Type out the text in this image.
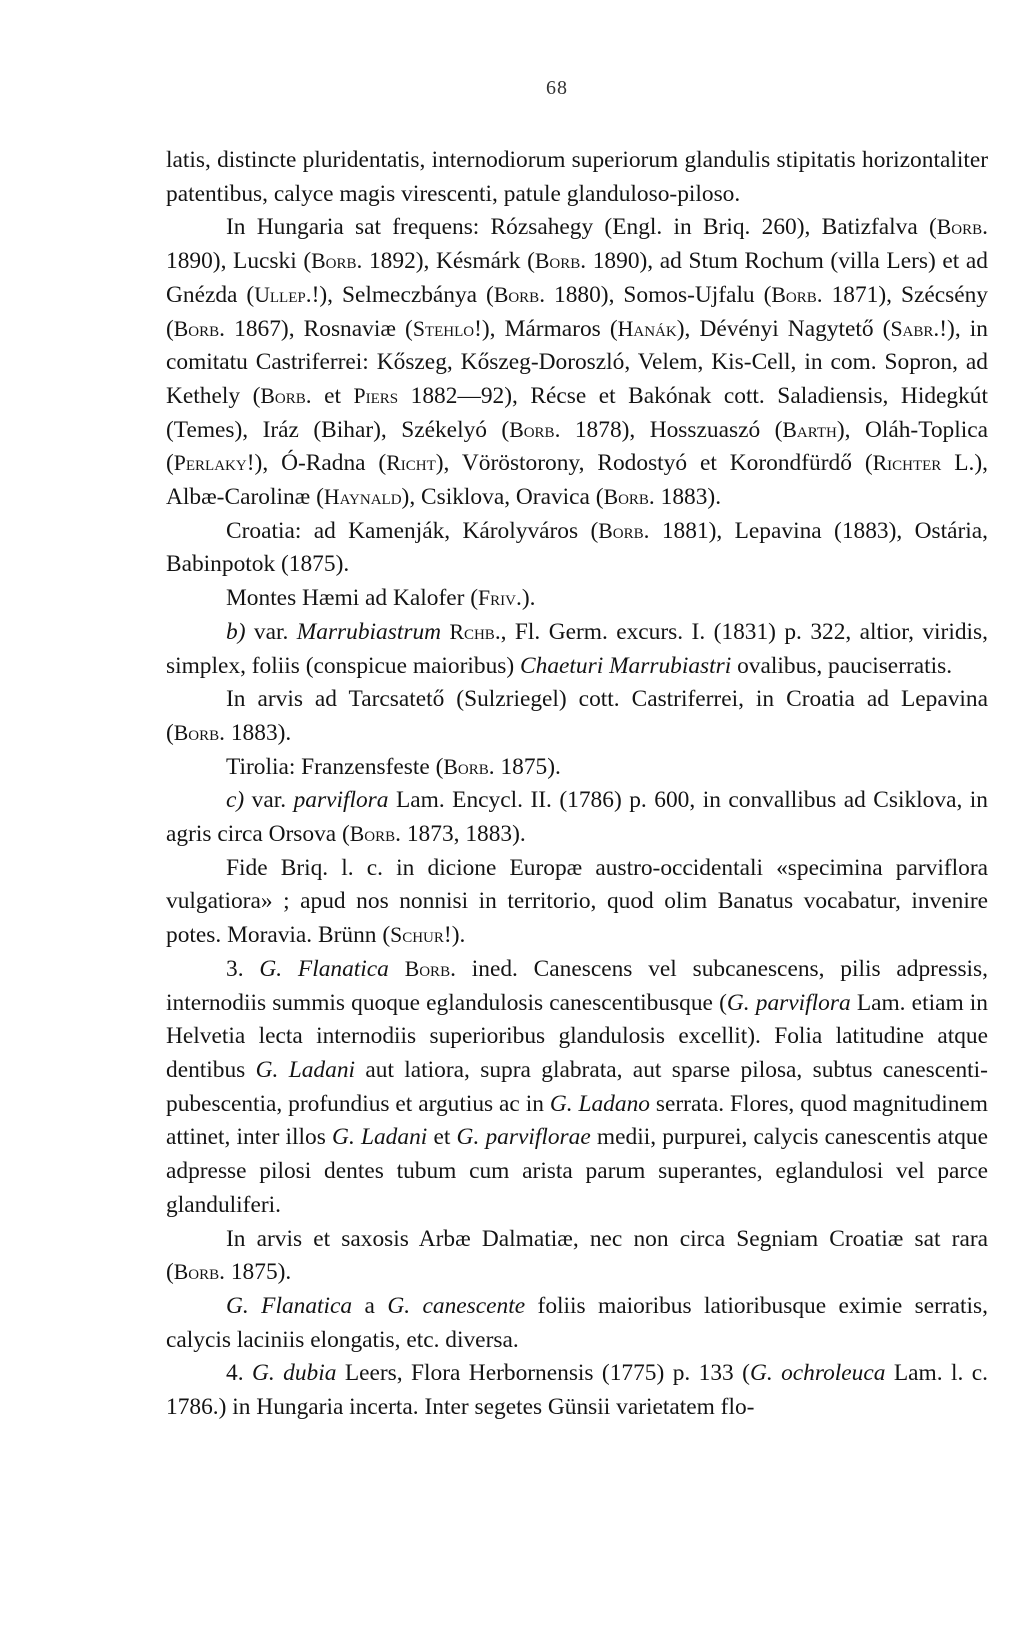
68

latis, distincte pluridentatis, internodiorum superiorum glandulis stipitatis horizontaliter patentibus, calyce magis virescenti, patule glanduloso-piloso.

In Hungaria sat frequens: Rózsahegy (Engl. in Briq. 260), Batizfalva (Borb. 1890), Lucski (Borb. 1892), Késmárk (Borb. 1890), ad Stum Rochum (villa Lers) et ad Gnézda (Ullep.!), Selmeczbánya (Borb. 1880), Somos-Ujfalu (Borb. 1871), Szécsény (Borb. 1867), Rosnaviæ (Stehlo!), Mármaros (Hanák), Dévényi Nagytető (Sabr.!), in comitatu Castriferrei: Kőszeg, Kőszeg-Doroszló, Velem, Kis-Cell, in com. Sopron, ad Kethely (Borb. et Piers 1882—92), Récse et Bakónak cott. Saladiensis, Hidegkút (Temes), Iráz (Bihar), Székelyó (Borb. 1878), Hosszuaszó (Barth), Oláh-Toplica (Perlaky!), Ó-Radna (Richt), Vöröstorony, Rodostyó et Korondfürdő (Richter L.), Albæ-Carolinæ (Haynald), Csiklova, Oravica (Borb. 1883).

Croatia: ad Kamenják, Károlyváros (Borb. 1881), Lepavina (1883), Ostária, Babinpotok (1875).

Montes Hæmi ad Kalofer (Friv.).

b) var. Marrubiastrum Rchb., Fl. Germ. excurs. I. (1831) p. 322, altior, viridis, simplex, foliis (conspicue maioribus) Chaeturi Marrubiastri ovalibus, pauciserratis.

In arvis ad Tarcsatető (Sulzriegel) cott. Castriferrei, in Croatia ad Lepavina (Borb. 1883).

Tirolia: Franzensfeste (Borb. 1875).

c) var. parviflora Lam. Encycl. II. (1786) p. 600, in convallibus ad Csiklova, in agris circa Orsova (Borb. 1873, 1883).

Fide Briq. l. c. in dicione Europæ austro-occidentali «specimina parviflora vulgatiora» ; apud nos nonnisi in territorio, quod olim Banatus vocabatur, invenire potes. Moravia. Brünn (Schur!).

3. G. Flanatica Borb. ined. Canescens vel subcanescens, pilis adpressis, internodiis summis quoque eglandulosis canescentibusque (G. parviflora Lam. etiam in Helvetia lecta internodiis superioribus glandulosis excellit). Folia latitudine atque dentibus G. Ladani aut latiora, supra glabrata, aut sparse pilosa, subtus canescenti-pubescentia, profundius et argutius ac in G. Ladano serrata. Flores, quod magnitudinem attinet, inter illos G. Ladani et G. parviflorae medii, purpurei, calycis canescentis atque adpresse pilosi dentes tubum cum arista parum superantes, eglandulosi vel parce glanduliferi.

In arvis et saxosis Arbæ Dalmatiæ, nec non circa Segniam Croatiæ sat rara (Borb. 1875).

G. Flanatica a G. canescente foliis maioribus latioribusque eximie serratis, calycis laciniis elongatis, etc. diversa.

4. G. dubia Leers, Flora Herbornensis (1775) p. 133 (G. ochroleuca Lam. l. c. 1786.) in Hungaria incerta. Inter segetes Günsii varietatem flo-
